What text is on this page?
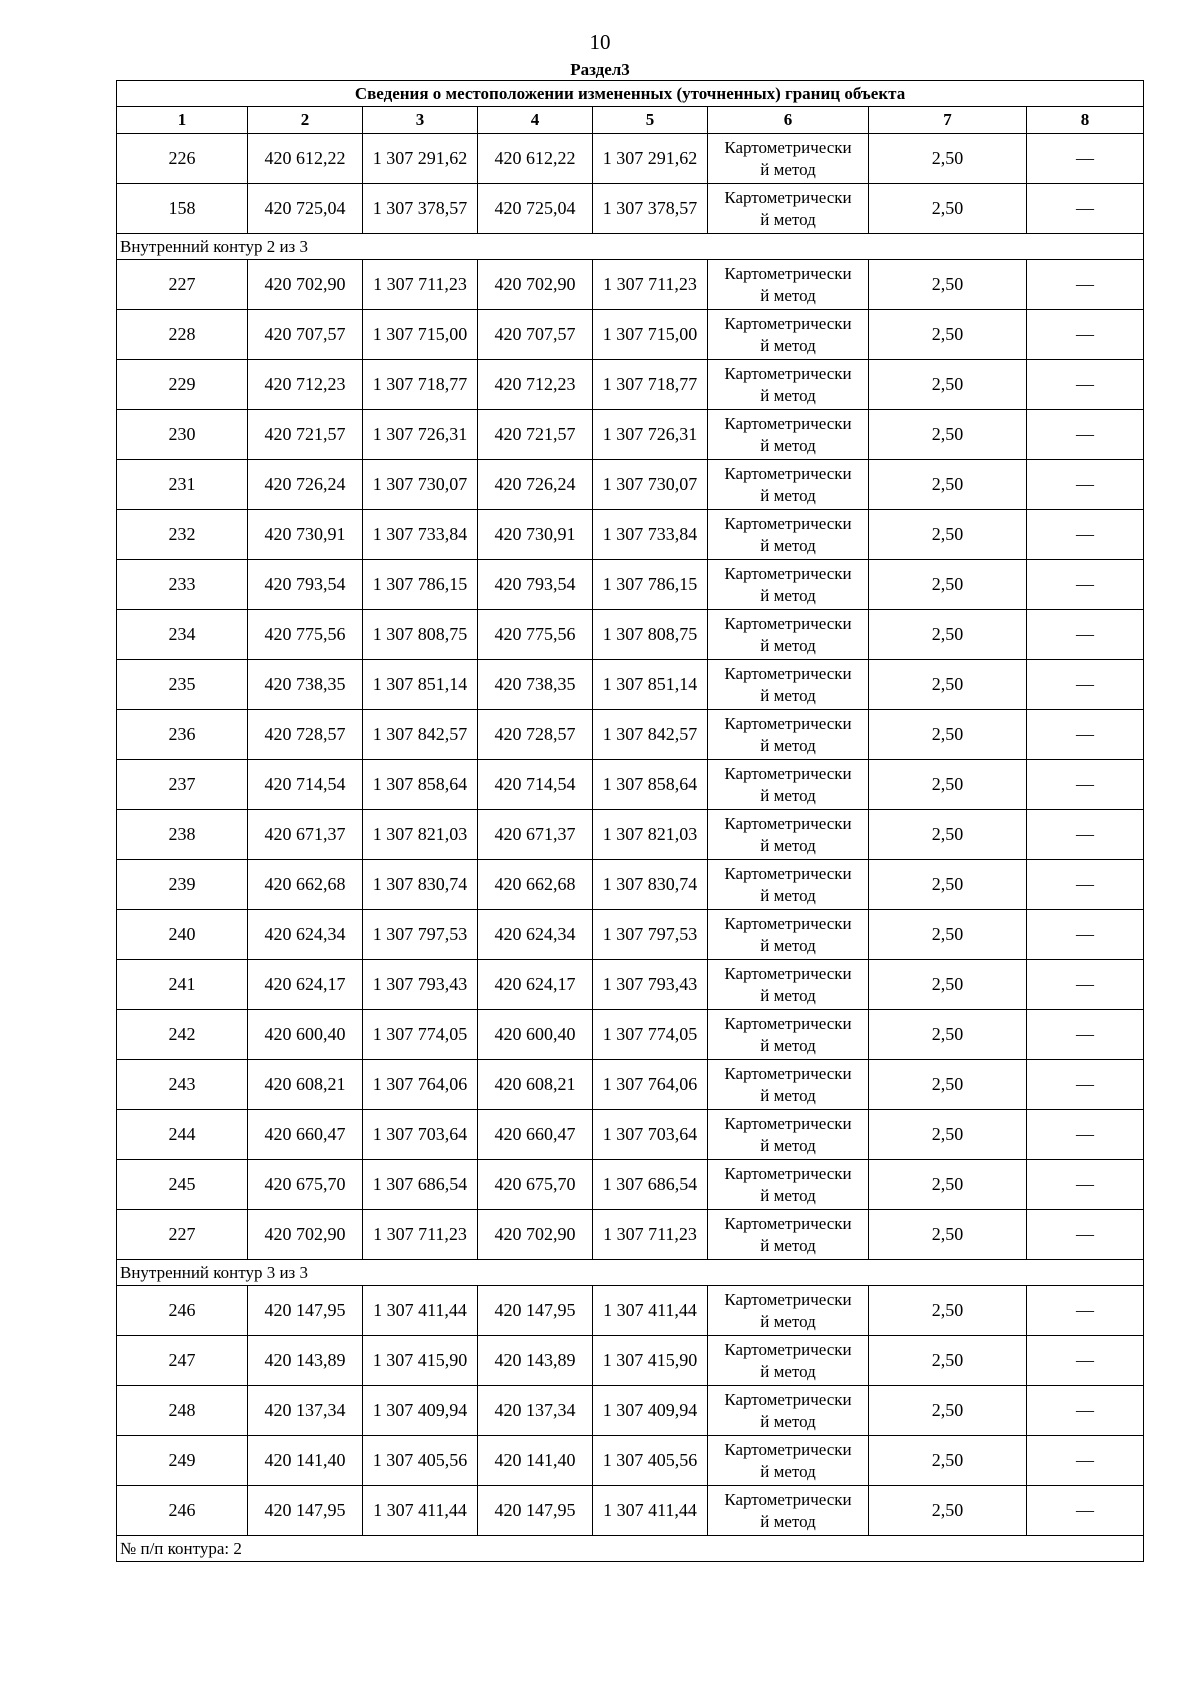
10
Раздел3
Сведения о местоположении измененных (уточненных) границ объекта							
1	2	3	4	5	6	7	8
226	420 612,22	1 307 291,62	420 612,22	1 307 291,62	Картометрически
й метод	2,50	—
158	420 725,04	1 307 378,57	420 725,04	1 307 378,57	Картометрически
й метод	2,50	—
Внутренний контур 2 из 3							
227	420 702,90	1 307 711,23	420 702,90	1 307 711,23	Картометрически
й метод	2,50	—
228	420 707,57	1 307 715,00	420 707,57	1 307 715,00	Картометрически
й метод	2,50	—
229	420 712,23	1 307 718,77	420 712,23	1 307 718,77	Картометрически
й метод	2,50	—
230	420 721,57	1 307 726,31	420 721,57	1 307 726,31	Картометрически
й метод	2,50	—
231	420 726,24	1 307 730,07	420 726,24	1 307 730,07	Картометрически
й метод	2,50	—
232	420 730,91	1 307 733,84	420 730,91	1 307 733,84	Картометрически
й метод	2,50	—
233	420 793,54	1 307 786,15	420 793,54	1 307 786,15	Картометрически
й метод	2,50	—
234	420 775,56	1 307 808,75	420 775,56	1 307 808,75	Картометрически
й метод	2,50	—
235	420 738,35	1 307 851,14	420 738,35	1 307 851,14	Картометрически
й метод	2,50	—
236	420 728,57	1 307 842,57	420 728,57	1 307 842,57	Картометрически
й метод	2,50	—
237	420 714,54	1 307 858,64	420 714,54	1 307 858,64	Картометрически
й метод	2,50	—
238	420 671,37	1 307 821,03	420 671,37	1 307 821,03	Картометрически
й метод	2,50	—
239	420 662,68	1 307 830,74	420 662,68	1 307 830,74	Картометрически
й метод	2,50	—
240	420 624,34	1 307 797,53	420 624,34	1 307 797,53	Картометрически
й метод	2,50	—
241	420 624,17	1 307 793,43	420 624,17	1 307 793,43	Картометрически
й метод	2,50	—
242	420 600,40	1 307 774,05	420 600,40	1 307 774,05	Картометрически
й метод	2,50	—
243	420 608,21	1 307 764,06	420 608,21	1 307 764,06	Картометрически
й метод	2,50	—
244	420 660,47	1 307 703,64	420 660,47	1 307 703,64	Картометрически
й метод	2,50	—
245	420 675,70	1 307 686,54	420 675,70	1 307 686,54	Картометрически
й метод	2,50	—
227	420 702,90	1 307 711,23	420 702,90	1 307 711,23	Картометрически
й метод	2,50	—
Внутренний контур 3 из 3							
246	420 147,95	1 307 411,44	420 147,95	1 307 411,44	Картометрически
й метод	2,50	—
247	420 143,89	1 307 415,90	420 143,89	1 307 415,90	Картометрически
й метод	2,50	—
248	420 137,34	1 307 409,94	420 137,34	1 307 409,94	Картометрически
й метод	2,50	—
249	420 141,40	1 307 405,56	420 141,40	1 307 405,56	Картометрически
й метод	2,50	—
246	420 147,95	1 307 411,44	420 147,95	1 307 411,44	Картометрически
й метод	2,50	—
№ п/п контура: 2							
